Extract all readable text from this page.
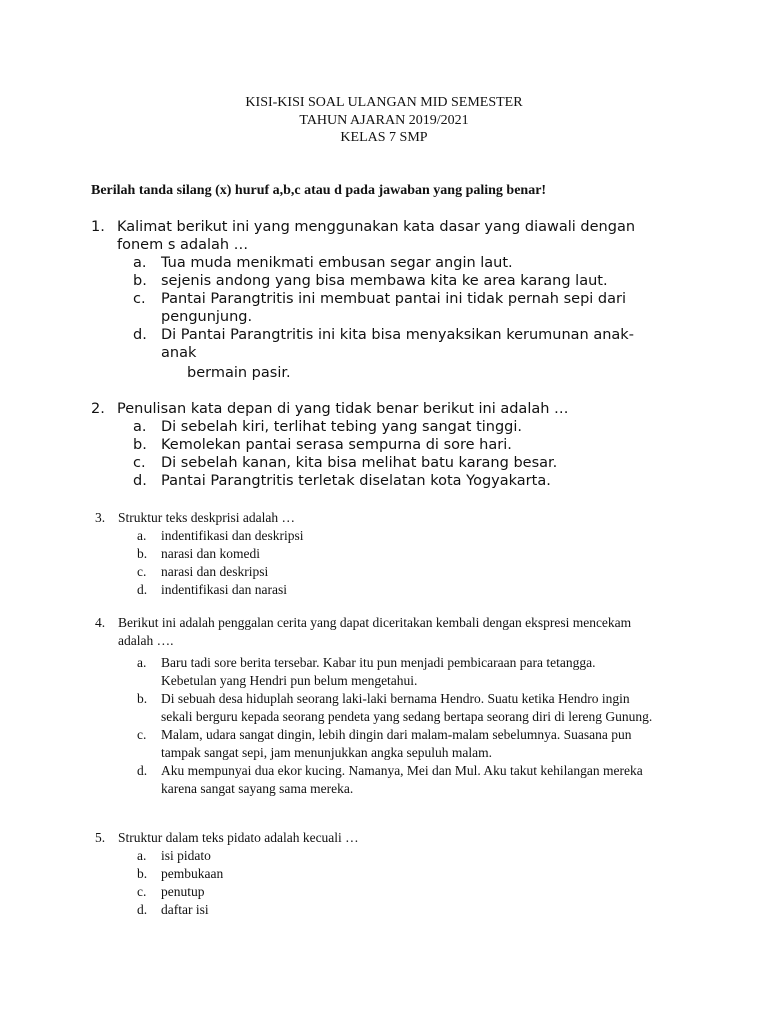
KISI-KISI SOAL ULANGAN MID SEMESTER
TAHUN AJARAN 2019/2021
KELAS 7 SMP
Berilah tanda silang (x) huruf a,b,c atau d pada jawaban yang paling benar!
1. Kalimat berikut ini yang menggunakan kata dasar yang diawali dengan fonem s adalah …
a. Tua muda menikmati embusan segar angin laut.
b. sejenis andong yang bisa membawa kita ke area karang laut.
c. Pantai Parangtritis ini membuat pantai ini tidak pernah sepi dari pengunjung.
d. Di Pantai Parangtritis ini kita bisa menyaksikan kerumunan anak-anak
bermain pasir.
2. Penulisan kata depan di yang tidak benar berikut ini adalah …
a. Di sebelah kiri, terlihat tebing yang sangat tinggi.
b. Kemolekan pantai serasa sempurna di sore hari.
c. Di sebelah kanan, kita bisa melihat batu karang besar.
d. Pantai Parangtritis terletak diselatan kota Yogyakarta.
3. Struktur teks deskprisi adalah …
a. indentifikasi dan deskripsi
b. narasi dan komedi
c. narasi dan deskripsi
d. indentifikasi dan narasi
4. Berikut ini adalah penggalan cerita yang dapat diceritakan kembali dengan ekspresi mencekam adalah ….
a. Baru tadi sore berita tersebar. Kabar itu pun menjadi pembicaraan para tetangga. Kebetulan yang Hendri pun belum mengetahui.
b. Di sebuah desa hiduplah seorang laki-laki bernama Hendro. Suatu ketika Hendro ingin sekali berguru kepada seorang pendeta yang sedang bertapa seorang diri di lereng Gunung.
c. Malam, udara sangat dingin, lebih dingin dari malam-malam sebelumnya. Suasana pun tampak sangat sepi, jam menunjukkan angka sepuluh malam.
d. Aku mempunyai dua ekor kucing. Namanya, Mei dan Mul. Aku takut kehilangan mereka karena sangat sayang sama mereka.
5. Struktur dalam teks pidato adalah kecuali …
a. isi pidato
b. pembukaan
c. penutup
d. daftar isi
